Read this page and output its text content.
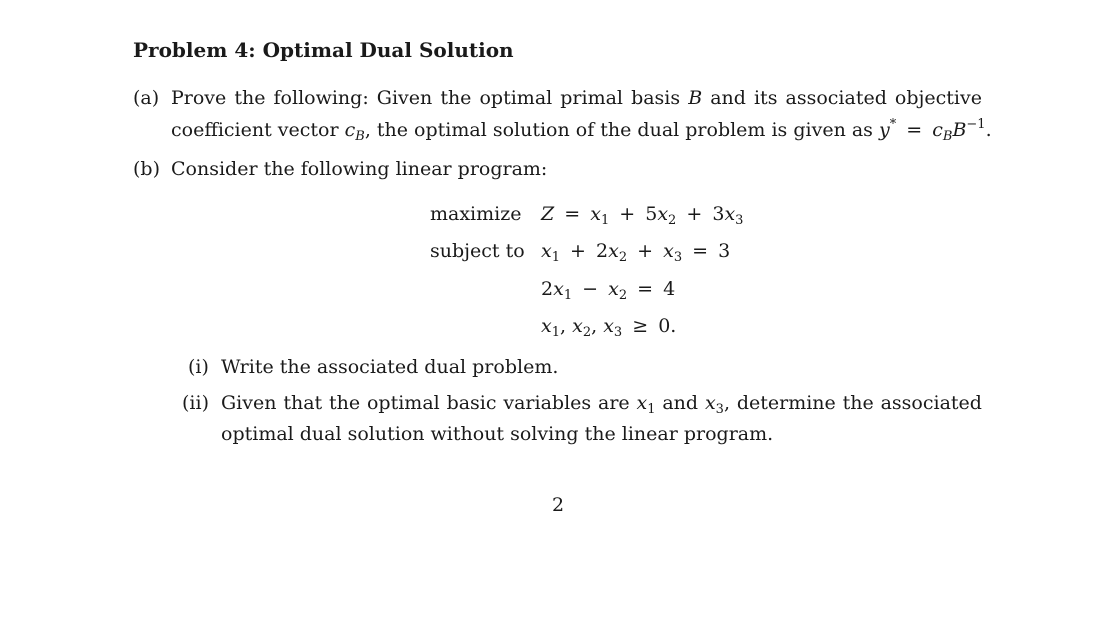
Problem 4: Optimal Dual Solution
(a) Prove the following: Given the optimal primal basis B and its associated objective
coefficient vector $c_B$, the optimal solution of the dual problem is given as $y^* = c_BB^{-1}$.
(b) Consider the following linear program:
maximize $Z = x_1 + 5x_2 + 3x_3$
subject to $x_1 + 2x_2 + x_3 = 3$
$2x_1 - x_2 = 4$
$x_1$, $x_2$, $x_3 \ge 0$.
(i) Write the associated dual problem.
(ii) Given that the optimal basic variables are $x_1$ and $x_3$, determine the associated
optimal dual solution without solving the linear program.
2
